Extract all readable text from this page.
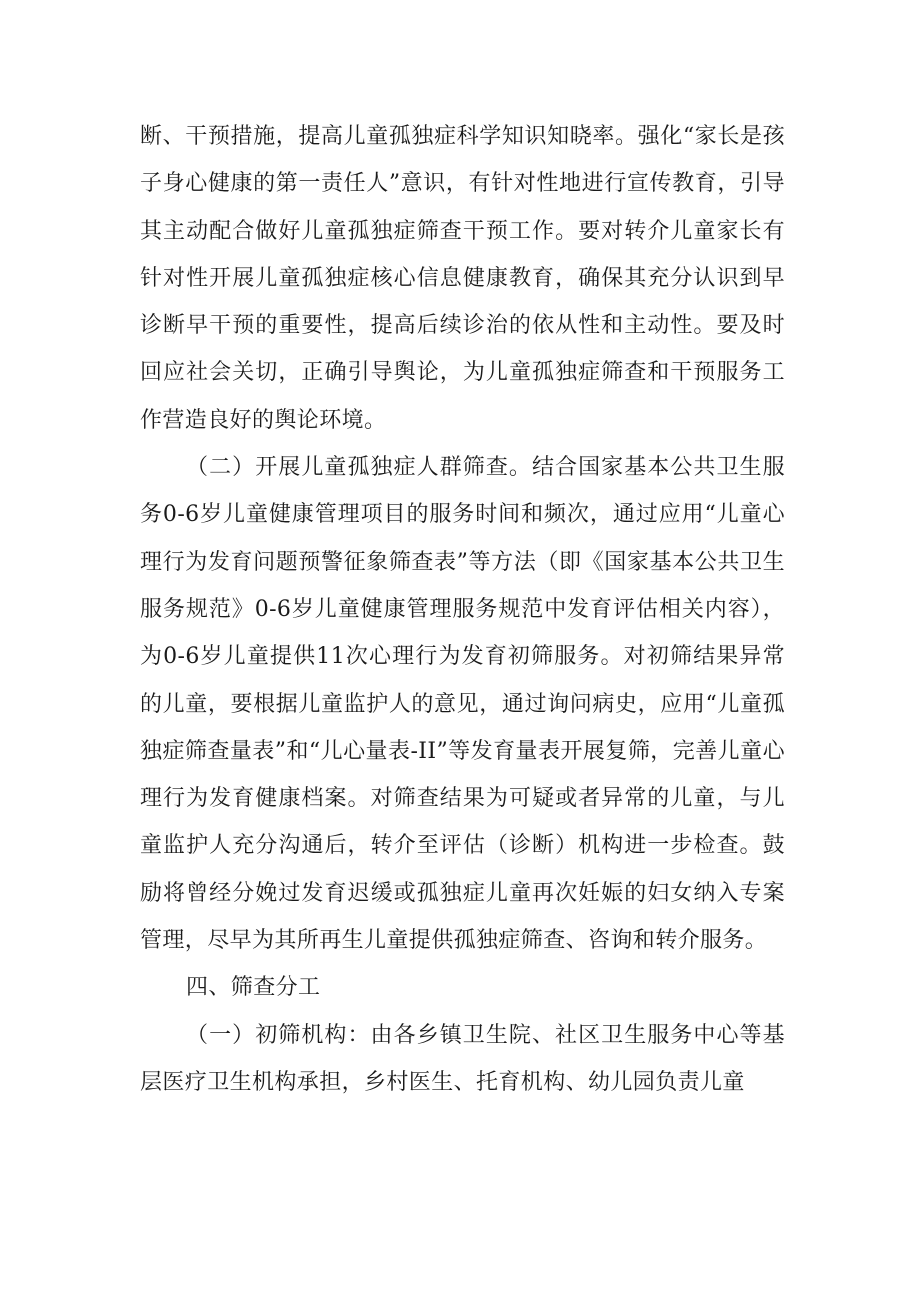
断、干预措施，提高儿童孤独症科学知识知晓率。强化“家长是孩子身心健康的第一责任人”意识，有针对性地进行宣传教育，引导其主动配合做好儿童孤独症筛查干预工作。要对转介儿童家长有针对性开展儿童孤独症核心信息健康教育，确保其充分认识到早诊断早干预的重要性，提高后续诊治的依从性和主动性。要及时回应社会关切，正确引导舆论，为儿童孤独症筛查和干预服务工作营造良好的舆论环境。

（二）开展儿童孤独症人群筛查。结合国家基本公共卫生服务0-6岁儿童健康管理项目的服务时间和频次，通过应用“儿童心理行为发育问题预警征象筛查表”等方法（即《国家基本公共卫生服务规范》0-6岁儿童健康管理服务规范中发育评估相关内容），为0-6岁儿童提供11次心理行为发育初筛服务。对初筛结果异常的儿童，要根据儿童监护人的意见，通过询问病史，应用“儿童孤独症筛查量表”和“儿心量表-II”等发育量表开展复筛，完善儿童心理行为发育健康档案。对筛查结果为可疑或者异常的儿童，与儿童监护人充分沟通后，转介至评估（诊断）机构进一步检查。鼓励将曾经分娩过发育迟缓或孤独症儿童再次妊娠的妇女纳入专案管理，尽早为其所再生儿童提供孤独症筛查、咨询和转介服务。

四、筛查分工

（一）初筛机构：由各乡镇卫生院、社区卫生服务中心等基层医疗卫生机构承担，乡村医生、托育机构、幼儿园负责儿童
